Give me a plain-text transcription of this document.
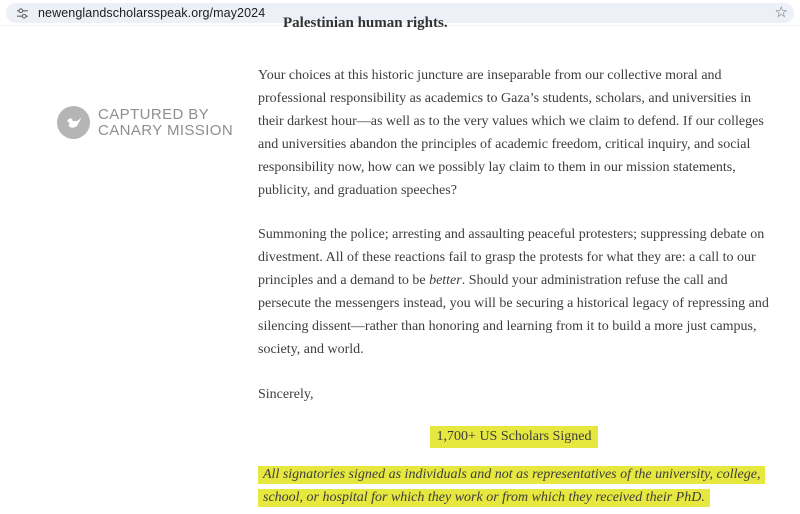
newenglandscholarsspeak.org/may2024	☆
Palestinian human rights.
CAPTURED BY
CANARY MISSION

Your choices at this historic juncture are inseparable from our collective moral and professional responsibility as academics to Gaza’s students, scholars, and universities in their darkest hour—as well as to the very values which we claim to defend. If our colleges and universities abandon the principles of academic freedom, critical inquiry, and social responsibility now, how can we possibly lay claim to them in our mission statements, publicity, and graduation speeches?

Summoning the police; arresting and assaulting peaceful protesters; suppressing debate on divestment. All of these reactions fail to grasp the protests for what they are: a call to our principles and a demand to be better. Should your administration refuse the call and persecute the messengers instead, you will be securing a historical legacy of repressing and silencing dissent—rather than honoring and learning from it to build a more just campus, society, and world.

Sincerely,

1,700+ US Scholars Signed

All signatories signed as individuals and not as representatives of the university, college, school, or hospital for which they work or from which they received their PhD.
